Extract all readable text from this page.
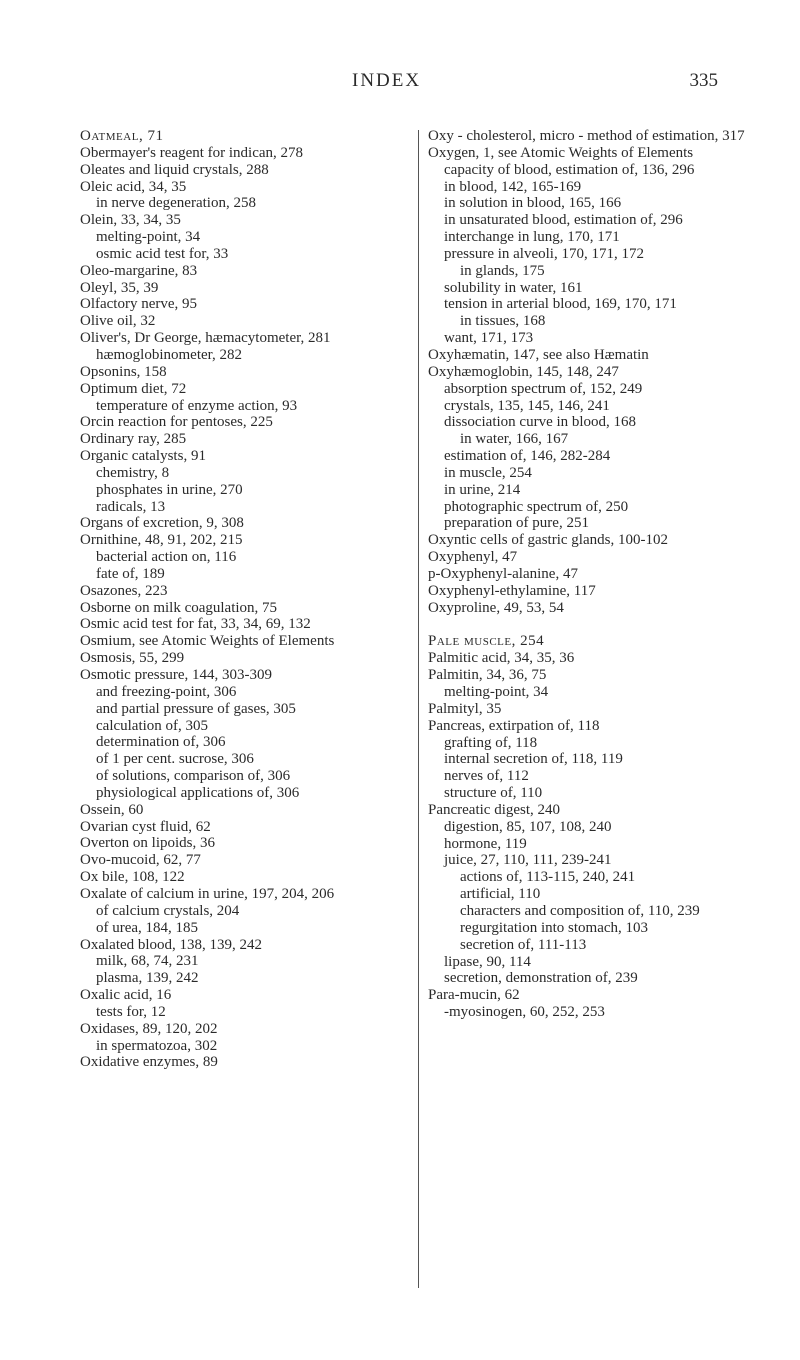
INDEX	335
Oatmeal, 71
Obermayer's reagent for indican, 278
Oleates and liquid crystals, 288
Oleic acid, 34, 35
in nerve degeneration, 258
Olein, 33, 34, 35
melting-point, 34
osmic acid test for, 33
Oleo-margarine, 83
Oleyl, 35, 39
Olfactory nerve, 95
Olive oil, 32
Oliver's, Dr George, hæmacytometer, 281
hæmoglobinometer, 282
Opsonins, 158
Optimum diet, 72
temperature of enzyme action, 93
Orcin reaction for pentoses, 225
Ordinary ray, 285
Organic catalysts, 91
chemistry, 8
phosphates in urine, 270
radicals, 13
Organs of excretion, 9, 308
Ornithine, 48, 91, 202, 215
bacterial action on, 116
fate of, 189
Osazones, 223
Osborne on milk coagulation, 75
Osmic acid test for fat, 33, 34, 69, 132
Osmium, see Atomic Weights of Elements
Osmosis, 55, 299
Osmotic pressure, 144, 303-309
and freezing-point, 306
and partial pressure of gases, 305
calculation of, 305
determination of, 306
of 1 per cent. sucrose, 306
of solutions, comparison of, 306
physiological applications of, 306
Ossein, 60
Ovarian cyst fluid, 62
Overton on lipoids, 36
Ovo-mucoid, 62, 77
Ox bile, 108, 122
Oxalate of calcium in urine, 197, 204, 206
of calcium crystals, 204
of urea, 184, 185
Oxalated blood, 138, 139, 242
milk, 68, 74, 231
plasma, 139, 242
Oxalic acid, 16
tests for, 12
Oxidases, 89, 120, 202
in spermatozoa, 302
Oxidative enzymes, 89
Oxy - cholesterol, micro - method of estimation, 317
Oxygen, 1, see Atomic Weights of Elements
capacity of blood, estimation of, 136, 296
in blood, 142, 165-169
in solution in blood, 165, 166
in unsaturated blood, estimation of, 296
interchange in lung, 170, 171
pressure in alveoli, 170, 171, 172
in glands, 175
solubility in water, 161
tension in arterial blood, 169, 170, 171
in tissues, 168
want, 171, 173
Oxyhæmatin, 147, see also Hæmatin
Oxyhæmoglobin, 145, 148, 247
absorption spectrum of, 152, 249
crystals, 135, 145, 146, 241
dissociation curve in blood, 168
in water, 166, 167
estimation of, 146, 282-284
in muscle, 254
in urine, 214
photographic spectrum of, 250
preparation of pure, 251
Oxyntic cells of gastric glands, 100-102
Oxyphenyl, 47
p-Oxyphenyl-alanine, 47
Oxyphenyl-ethylamine, 117
Oxyproline, 49, 53, 54
Pale muscle, 254
Palmitic acid, 34, 35, 36
Palmitin, 34, 36, 75
melting-point, 34
Palmityl, 35
Pancreas, extirpation of, 118
grafting of, 118
internal secretion of, 118, 119
nerves of, 112
structure of, 110
Pancreatic digest, 240
digestion, 85, 107, 108, 240
hormone, 119
juice, 27, 110, 111, 239-241
actions of, 113-115, 240, 241
artificial, 110
characters and composition of, 110, 239
regurgitation into stomach, 103
secretion of, 111-113
lipase, 90, 114
secretion, demonstration of, 239
Para-mucin, 62
-myosinogen, 60, 252, 253
